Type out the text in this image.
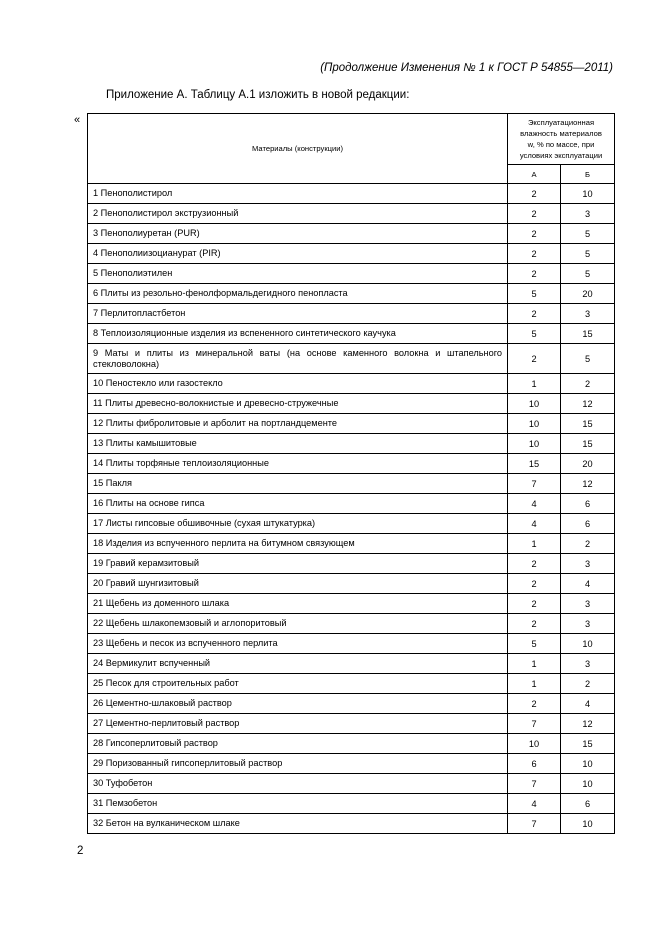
(Продолжение Изменения № 1 к ГОСТ Р 54855—2011)
Приложение А. Таблицу А.1 изложить в новой редакции:
«
Материалы (конструкции)	Эксплуатационная
влажность материалов
w, % по массе, при
условиях эксплуатации	

	А	Б
1 Пенополистирол	2	10
2 Пенополистирол экструзионный	2	3
3 Пенополиуретан (PUR)	2	5
4 Пенополиизоцианурат (PIR)	2	5
5 Пенополиэтилен	2	5
6 Плиты из резольно-фенолформальдегидного пенопласта	5	20
7 Перлитопластбетон	2	3
8 Теплоизоляционные изделия из вспененного синтетического каучука	5	15
9 Маты и плиты из минеральной ваты (на основе каменного волокна и штапельного стекловолокна)	2	5
10 Пеностекло или газостекло	1	2
11 Плиты древесно-волокнистые и древесно-стружечные	10	12
12 Плиты фибролитовые и арболит на портландцементе	10	15
13 Плиты камышитовые	10	15
14 Плиты торфяные теплоизоляционные	15	20
15 Пакля	7	12
16 Плиты на основе гипса	4	6
17 Листы гипсовые обшивочные (сухая штукатурка)	4	6
18 Изделия из вспученного перлита на битумном связующем	1	2
19 Гравий керамзитовый	2	3
20 Гравий шунгизитовый	2	4
21 Щебень из доменного шлака	2	3
22 Щебень шлакопемзовый и аглопоритовый	2	3
23 Щебень и песок из вспученного перлита	5	10
24 Вермикулит вспученный	1	3
25 Песок для строительных работ	1	2
26 Цементно-шлаковый раствор	2	4
27 Цементно-перлитовый раствор	7	12
28 Гипсоперлитовый раствор	10	15
29 Поризованный гипсоперлитовый раствор	6	10
30 Туфобетон	7	10
31 Пемзобетон	4	6
32 Бетон на вулканическом шлаке	7	10
2
